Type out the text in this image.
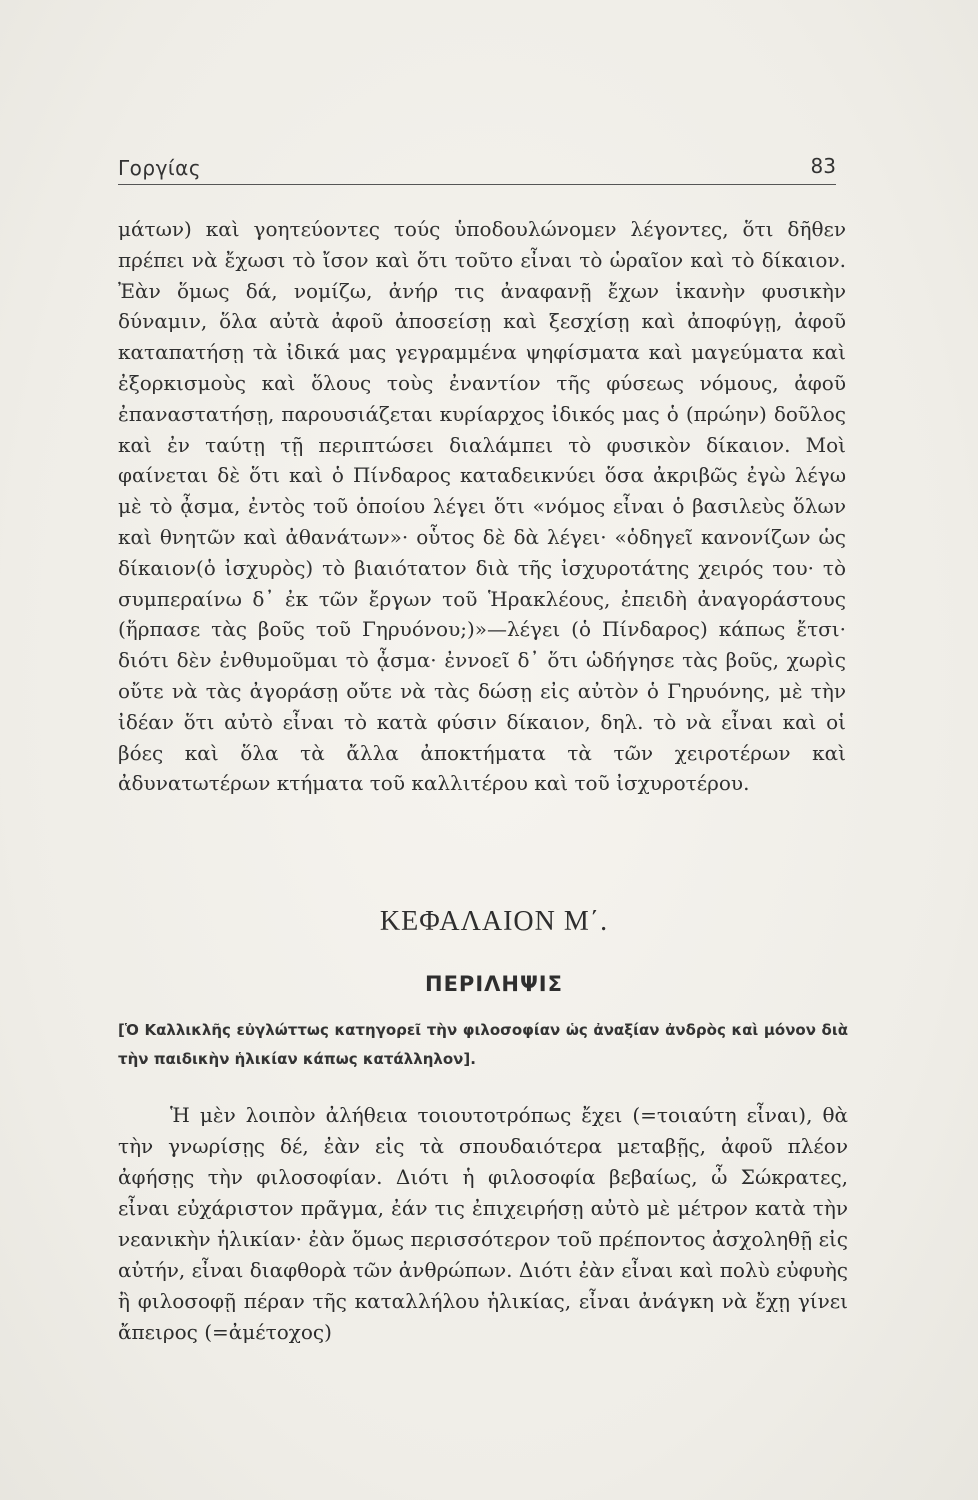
Γοργίας	83

μάτων) καὶ γοητεύοντες τούς ὑποδουλώνομεν λέγοντες, ὅτι δῆθεν πρέπει νὰ ἔχωσι τὸ ἴσον καὶ ὅτι τοῦτο εἶναι τὸ ὡραῖον καὶ τὸ δίκαιον. Ἐὰν ὅμως δά, νομίζω, ἀνήρ τις ἀναφανῇ ἔχων ἱκανὴν φυσικὴν δύναμιν, ὅλα αὐτὰ ἀφοῦ ἀποσείσῃ καὶ ξεσχίσῃ καὶ ἀποφύγῃ, ἀφοῦ καταπατήσῃ τὰ ἰδικά μας γεγραμμένα ψηφίσματα καὶ μαγεύματα καὶ ἐξορκισμοὺς καὶ ὅλους τοὺς ἐναντίον τῆς φύσεως νόμους, ἀφοῦ ἐπαναστατήσῃ, παρουσιάζεται κυρίαρχος ἰδικός μας ὁ (πρώην) δοῦλος καὶ ἐν ταύτῃ τῇ περιπτώσει διαλάμπει τὸ φυσικὸν δίκαιον. Μοὶ φαίνεται δὲ ὅτι καὶ ὁ Πίνδαρος καταδεικνύει ὅσα ἀκριβῶς ἐγὼ λέγω μὲ τὸ ᾆσμα, ἐντὸς τοῦ ὁποίου λέγει ὅτι «νόμος εἶναι ὁ βασιλεὺς ὅλων καὶ θνητῶν καὶ ἀθανάτων»· οὗτος δὲ δὰ λέγει· «ὁδηγεῖ κανονίζων ὡς δίκαιον(ὁ ἰσχυρὸς) τὸ βιαιότατον διὰ τῆς ἰσχυροτάτης χειρός του· τὸ συμπεραίνω δ᾽ ἐκ τῶν ἔργων τοῦ Ἡρακλέους, ἐπειδὴ ἀναγοράστους (ἥρπασε τὰς βοῦς τοῦ Γηρυόνου;)»—λέγει (ὁ Πίνδαρος) κάπως ἔτσι· διότι δὲν ἐνθυμοῦμαι τὸ ᾆσμα· ἐννοεῖ δ᾽ ὅτι ὡδήγησε τὰς βοῦς, χωρὶς οὔτε νὰ τὰς ἀγοράσῃ οὔτε νὰ τὰς δώσῃ εἰς αὐτὸν ὁ Γηρυόνης, μὲ τὴν ἰδέαν ὅτι αὐτὸ εἶναι τὸ κατὰ φύσιν δίκαιον, δηλ. τὸ νὰ εἶναι καὶ οἱ βόες καὶ ὅλα τὰ ἄλλα ἀποκτήματα τὰ τῶν χειροτέρων καὶ ἀδυνατωτέρων κτήματα τοῦ καλλιτέρου καὶ τοῦ ἰσχυροτέρου.

ΚΕΦΑΛΑΙΟΝ Μ΄.
ΠΕΡΙΛΗΨΙΣ

[Ὁ Καλλικλῆς εὐγλώττως κατηγορεῖ τὴν φιλοσοφίαν ὡς ἀναξίαν ἀνδρὸς καὶ μόνον διὰ τὴν παιδικὴν ἡλικίαν κάπως κατάλληλον].

Ἡ μὲν λοιπὸν ἀλήθεια τοιουτοτρόπως ἔχει (=τοιαύτη εἶναι), θὰ τὴν γνωρίσῃς δέ, ἐὰν εἰς τὰ σπουδαιότερα μεταβῇς, ἀφοῦ πλέον ἀφήσῃς τὴν φιλοσοφίαν. Διότι ἡ φιλοσοφία βεβαίως, ὦ Σώκρατες, εἶναι εὐχάριστον πρᾶγμα, ἐάν τις ἐπιχειρήσῃ αὐτὸ μὲ μέτρον κατὰ τὴν νεανικὴν ἡλικίαν· ἐὰν ὅμως περισσότερον τοῦ πρέποντος ἀσχοληθῇ εἰς αὐτήν, εἶναι διαφθορὰ τῶν ἀνθρώπων. Διότι ἐὰν εἶναι καὶ πολὺ εὐφυὴς ἢ φιλοσοφῇ πέραν τῆς καταλλήλου ἡλικίας, εἶναι ἀνάγκη νὰ ἔχῃ γίνει ἄπειρος (=ἀμέτοχος)
